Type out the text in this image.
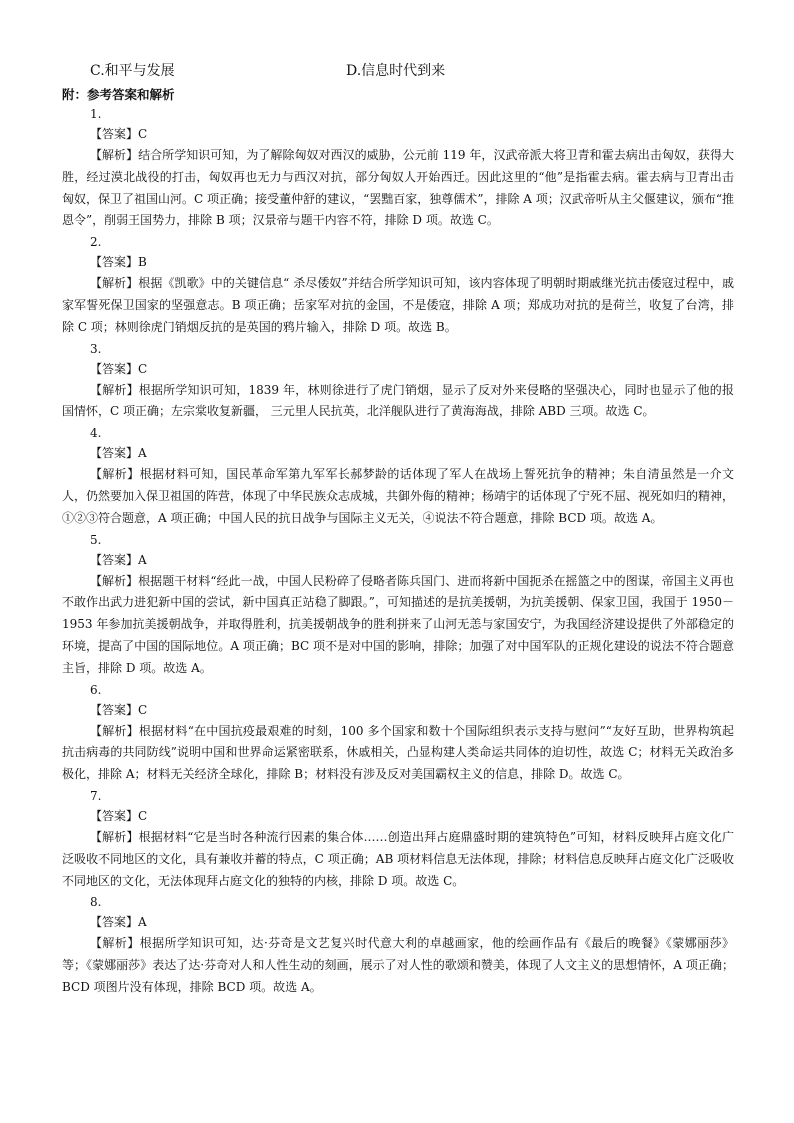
C.和平与发展	D.信息时代到来
附：参考答案和解析
1.
【答案】C

【解析】结合所学知识可知，为了解除匈奴对西汉的威胁，公元前 119 年，汉武帝派大将卫青和霍去病出击匈奴，获得大胜，经过漠北战役的打击，匈奴再也无力与西汉对抗，部分匈奴人开始西迁。因此这里的“他”是指霍去病。霍去病与卫青出击匈奴，保卫了祖国山河。C 项正确；接受董仲舒的建议，“罢黜百家，独尊儒术”，排除 A 项；汉武帝听从主父偃建议，颁布“推恩令”，削弱王国势力，排除 B 项；汉景帝与题干内容不符，排除 D 项。故选 C。

2.
【答案】B

【解析】根据《凯歌》中的关键信息“ 杀尽倭奴”并结合所学知识可知，该内容体现了明朝时期戚继光抗击倭寇过程中，戚家军誓死保卫国家的坚强意志。B 项正确；岳家军对抗的金国，不是倭寇，排除 A 项；郑成功对抗的是荷兰，收复了台湾，排除 C 项；林则徐虎门销烟反抗的是英国的鸦片输入，排除 D 项。故选 B。

3.
【答案】C

【解析】根据所学知识可知，1839 年，林则徐进行了虎门销烟，显示了反对外来侵略的坚强决心，同时也显示了他的报国情怀，C 项正确；左宗棠收复新疆， 三元里人民抗英，北洋舰队进行了黄海海战，排除 ABD 三项。故选 C。

4.
【答案】A

【解析】根据材料可知，国民革命军第九军军长郝梦龄的话体现了军人在战场上誓死抗争的精神；朱自清虽然是一介文人，仍然要加入保卫祖国的阵营，体现了中华民族众志成城，共御外侮的精神；杨靖宇的话体现了宁死不屈、视死如归的精神，①②③符合题意，A 项正确；中国人民的抗日战争与国际主义无关，④说法不符合题意，排除 BCD 项。故选 A。

5.
【答案】A

【解析】根据题干材料“经此一战，中国人民粉碎了侵略者陈兵国门、进而将新中国扼杀在摇篮之中的图谋，帝国主义再也不敢作出武力进犯新中国的尝试，新中国真正站稳了脚跟。”，可知描述的是抗美援朝，为抗美援朝、保家卫国，我国于 1950－1953 年参加抗美援朝战争，并取得胜利，抗美援朝战争的胜利拼来了山河无恙与家国安宁，为我国经济建设提供了外部稳定的环境，提高了中国的国际地位。A 项正确；BC 项不是对中国的影响，排除；加强了对中国军队的正规化建设的说法不符合题意主旨，排除 D 项。故选 A。

6.
【答案】C

【解析】根据材料“在中国抗疫最艰难的时刻，100 多个国家和数十个国际组织表示支持与慰问”“友好互助，世界构筑起抗击病毒的共同防线”说明中国和世界命运紧密联系，休戚相关，凸显构建人类命运共同体的迫切性，故选 C；材料无关政治多极化，排除 A；材料无关经济全球化，排除 B；材料没有涉及反对美国霸权主义的信息，排除 D。故选 C。

7.
【答案】C

【解析】根据材料“它是当时各种流行因素的集合体……创造出拜占庭鼎盛时期的建筑特色”可知，材料反映拜占庭文化广泛吸收不同地区的文化，具有兼收并蓄的特点，C 项正确；AB 项材料信息无法体现，排除；材料信息反映拜占庭文化广泛吸收不同地区的文化，无法体现拜占庭文化的独特的内核，排除 D 项。故选 C。

8.
【答案】A

【解析】根据所学知识可知，达·芬奇是文艺复兴时代意大利的卓越画家，他的绘画作品有《最后的晚餐》《蒙娜丽莎》等；《蒙娜丽莎》表达了达·芬奇对人和人性生动的刻画，展示了对人性的歌颂和赞美，体现了人文主义的思想情怀，A 项正确；BCD 项图片没有体现，排除 BCD 项。故选 A。
